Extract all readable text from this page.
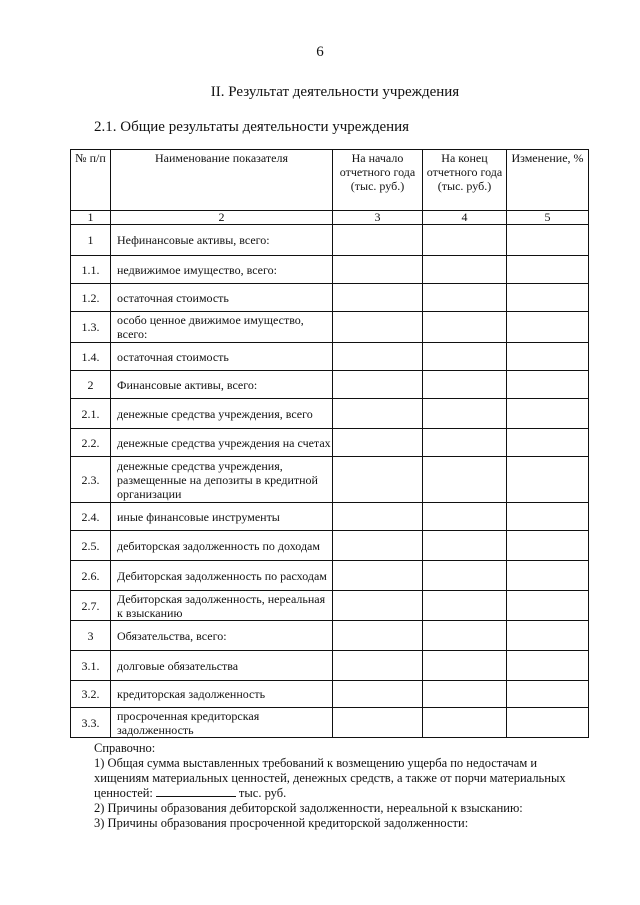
6
II. Результат деятельности учреждения
2.1. Общие результаты деятельности учреждения
№ п/п	Наименование показателя	На начало отчетного года (тыс. руб.)	На конец отчетного года (тыс. руб.)	Изменение, %
1	2	3	4	5
1	Нефинансовые активы, всего:			
1.1.	недвижимое имущество, всего:			
1.2.	остаточная стоимость			
1.3.	особо ценное движимое имущество, всего:			
1.4.	остаточная стоимость			
2	Финансовые активы, всего:			
2.1.	денежные средства учреждения, всего			
2.2.	денежные средства учреждения на счетах			
2.3.	денежные средства учреждения, размещенные на депозиты в кредитной организации			
2.4.	иные финансовые инструменты			
2.5.	дебиторская задолженность по доходам			
2.6.	Дебиторская задолженность по расходам			
2.7.	Дебиторская задолженность, нереальная к взысканию			
3	Обязательства, всего:			
3.1.	долговые обязательства			
3.2.	кредиторская задолженность			
3.3.	просроченная кредиторская задолженность			
Справочно:
1) Общая сумма выставленных требований к возмещению ущерба по недостачам и хищениям материальных ценностей, денежных средств, а также от порчи материальных ценностей:	тыс. руб.
2) Причины образования дебиторской задолженности, нереальной к взысканию:
3) Причины образования просроченной кредиторской задолженности:
